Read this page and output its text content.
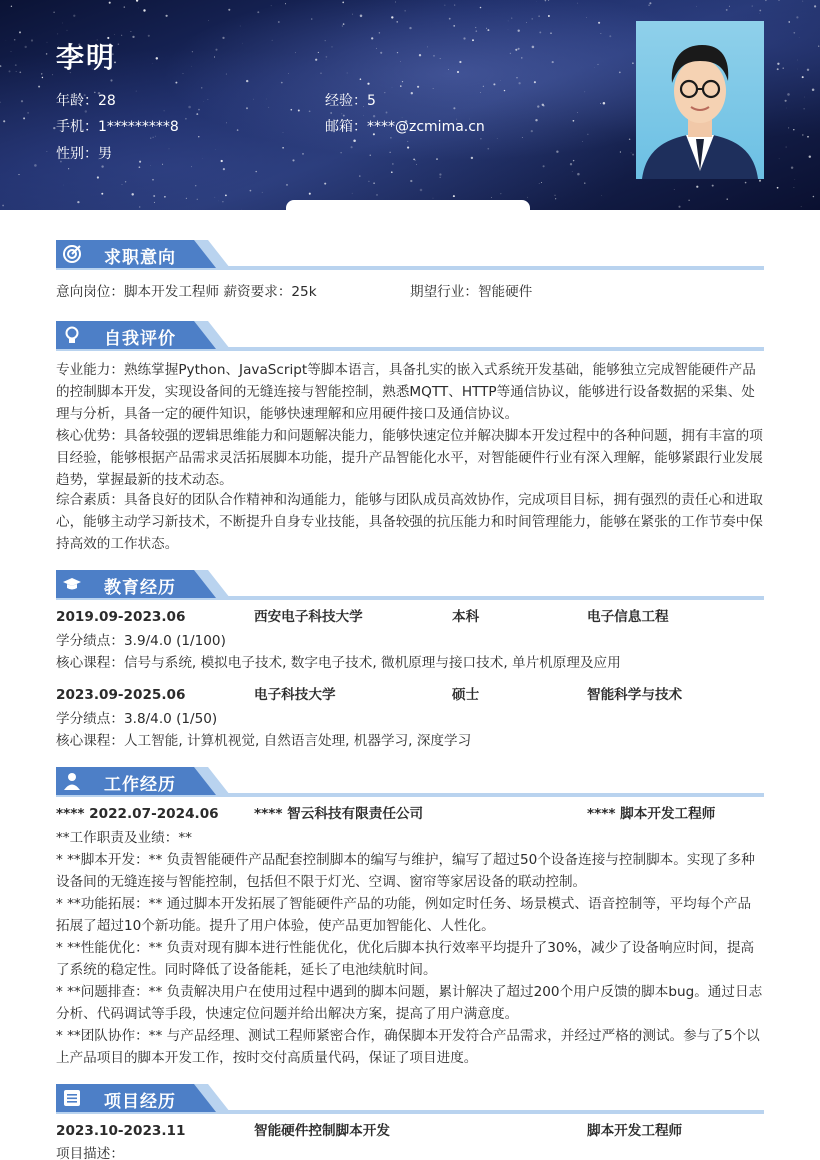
李明
年龄：28	经验：5
手机：1*********8	邮箱：****@zcmima.cn
性别：男
求职意向
意向岗位：脚本开发工程师 薪资要求：25k	期望行业：智能硬件
自我评价
专业能力：熟练掌握Python、JavaScript等脚本语言，具备扎实的嵌入式系统开发基础，能够独立完成智能硬件产品的控制脚本开发，实现设备间的无缝连接与智能控制，熟悉MQTT、HTTP等通信协议，能够进行设备数据的采集、处理与分析，具备一定的硬件知识，能够快速理解和应用硬件接口及通信协议。
核心优势：具备较强的逻辑思维能力和问题解决能力，能够快速定位并解决脚本开发过程中的各种问题，拥有丰富的项目经验，能够根据产品需求灵活拓展脚本功能，提升产品智能化水平，对智能硬件行业有深入理解，能够紧跟行业发展趋势，掌握最新的技术动态。
综合素质：具备良好的团队合作精神和沟通能力，能够与团队成员高效协作，完成项目目标，拥有强烈的责任心和进取心，能够主动学习新技术，不断提升自身专业技能，具备较强的抗压能力和时间管理能力，能够在紧张的工作节奏中保持高效的工作状态。
教育经历
2019.09-2023.06	西安电子科技大学	本科	电子信息工程
学分绩点：3.9/4.0 (1/100)
核心课程：信号与系统, 模拟电子技术, 数字电子技术, 微机原理与接口技术, 单片机原理及应用
2023.09-2025.06	电子科技大学	硕士	智能科学与技术
学分绩点：3.8/4.0 (1/50)
核心课程：人工智能, 计算机视觉, 自然语言处理, 机器学习, 深度学习
工作经历
**** 2022.07-2024.06	**** 智云科技有限责任公司	**** 脚本开发工程师
**工作职责及业绩：**
* **脚本开发：** 负责智能硬件产品配套控制脚本的编写与维护，编写了超过50个设备连接与控制脚本。实现了多种设备间的无缝连接与智能控制，包括但不限于灯光、空调、窗帘等家居设备的联动控制。
* **功能拓展：** 通过脚本开发拓展了智能硬件产品的功能，例如定时任务、场景模式、语音控制等，平均每个产品拓展了超过10个新功能。提升了用户体验，使产品更加智能化、人性化。
* **性能优化：** 负责对现有脚本进行性能优化，优化后脚本执行效率平均提升了30%，减少了设备响应时间，提高了系统的稳定性。同时降低了设备能耗，延长了电池续航时间。
* **问题排查：** 负责解决用户在使用过程中遇到的脚本问题，累计解决了超过200个用户反馈的脚本bug。通过日志分析、代码调试等手段，快速定位问题并给出解决方案，提高了用户满意度。
* **团队协作：** 与产品经理、测试工程师紧密合作，确保脚本开发符合产品需求，并经过严格的测试。参与了5个以上产品项目的脚本开发工作，按时交付高质量代码，保证了项目进度。
项目经历
2023.10-2023.11	智能硬件控制脚本开发	脚本开发工程师
项目描述：
